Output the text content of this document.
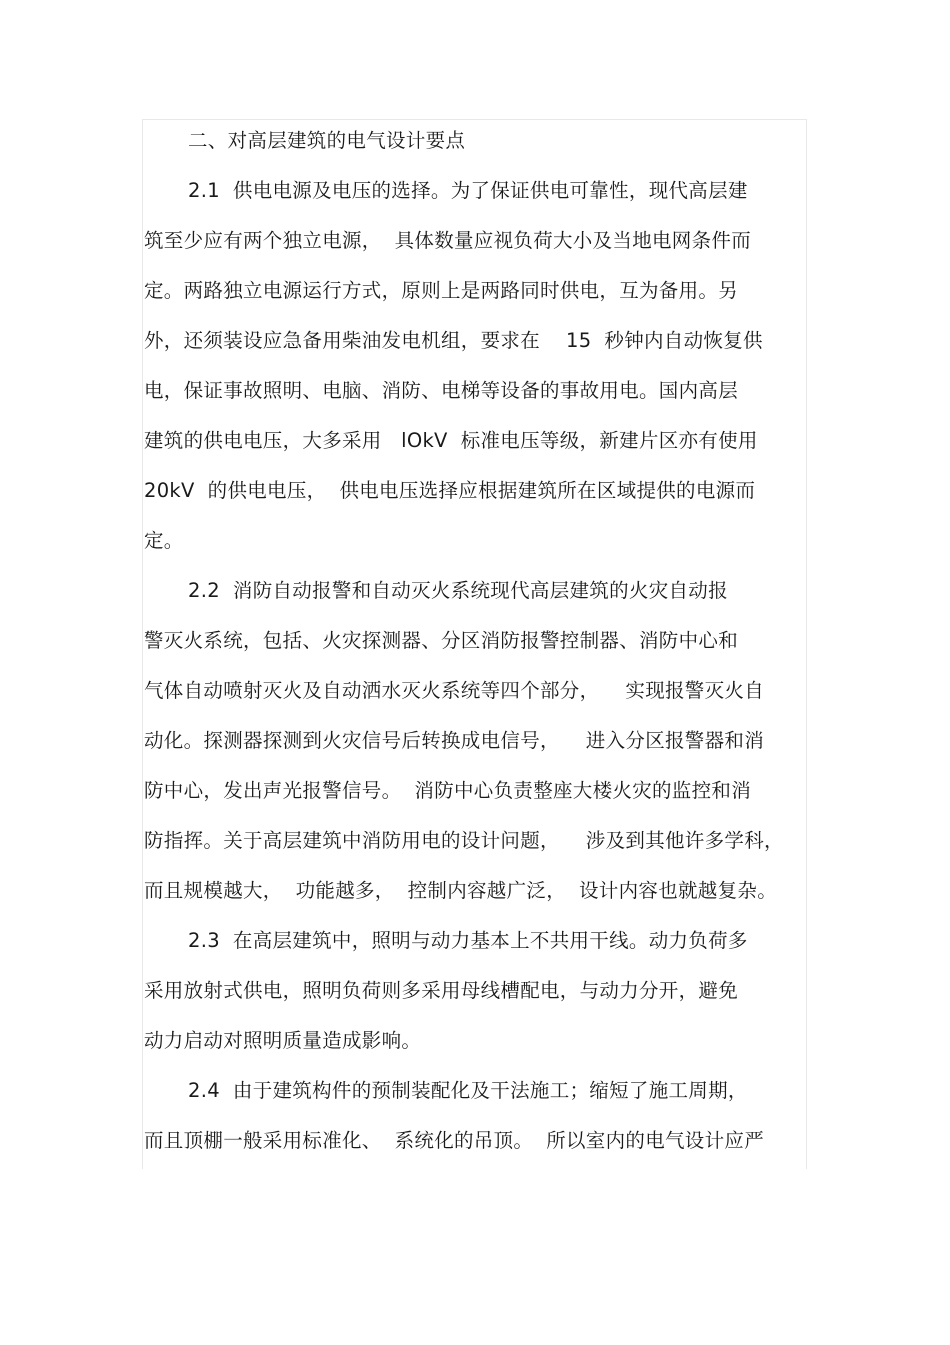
二、对高层建筑的电气设计要点
2.1  供电电源及电压的选择。为了保证供电可靠性，现代高层建
筑至少应有两个独立电源，  具体数量应视负荷大小及当地电网条件而
定。两路独立电源运行方式，原则上是两路同时供电，互为备用。另
外，还须装设应急备用柴油发电机组，要求在    15  秒钟内自动恢复供
电，保证事故照明、电脑、消防、电梯等设备的事故用电。国内高层
建筑的供电电压，大多采用   lOkV  标准电压等级，新建片区亦有使用
20kV  的供电电压，  供电电压选择应根据建筑所在区域提供的电源而
定。
2.2  消防自动报警和自动灭火系统现代高层建筑的火灾自动报
警灭火系统，包括、火灾探测器、分区消防报警控制器、消防中心和
气体自动喷射灭火及自动洒水灭火系统等四个部分，    实现报警灭火自
动化。探测器探测到火灾信号后转换成电信号，    进入分区报警器和消
防中心，发出声光报警信号。  消防中心负责整座大楼火灾的监控和消
防指挥。关于高层建筑中消防用电的设计问题，    涉及到其他许多学科，
而且规模越大，  功能越多，  控制内容越广泛，  设计内容也就越复杂。
2.3  在高层建筑中，照明与动力基本上不共用干线。动力负荷多
采用放射式供电，照明负荷则多采用母线槽配电，与动力分开，避免
动力启动对照明质量造成影响。
2.4  由于建筑构件的预制装配化及干法施工；缩短了施工周期，
而且顶棚一般采用标准化、  系统化的吊顶。  所以室内的电气设计应严
